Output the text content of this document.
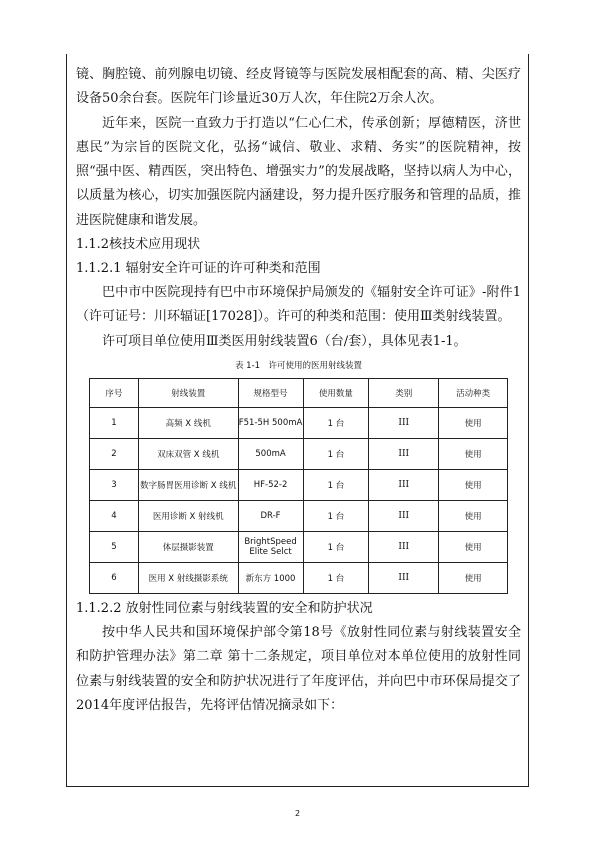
镜、胸腔镜、前列腺电切镜、经皮肾镜等与医院发展相配套的高、精、尖医疗设备50余台套。医院年门诊量近30万人次，年住院2万余人次。

近年来，医院一直致力于打造以“仁心仁术，传承创新；厚德精医，济世惠民”为宗旨的医院文化，弘扬“诚信、敬业、求精、务实”的医院精神，按照“强中医、精西医，突出特色、增强实力”的发展战略，坚持以病人为中心，以质量为核心，切实加强医院内涵建设，努力提升医疗服务和管理的品质，推进医院健康和谐发展。

1.1.2核技术应用现状

1.1.2.1 辐射安全许可证的许可种类和范围

巴中市中医院现持有巴中市环境保护局颁发的《辐射安全许可证》-附件1（许可证号：川环辐证[17028]）。许可的种类和范围：使用Ⅲ类射线装置。

许可项目单位使用Ⅲ类医用射线装置6（台/套），具体见表1-1。

表 1-1　许可使用的医用射线装置
序号	射线装置	规格型号	使用数量	类别	活动种类
1	高频 X 线机	F51-5H 500mA	1 台	III	使用
2	双床双管 X 线机	500mA	1 台	III	使用
3	数字肠胃医用诊断 X 线机	HF-52-2	1 台	III	使用
4	医用诊断 X 射线机	DR-F	1 台	III	使用
5	体层摄影装置	BrightSpeed Elite Selct	1 台	III	使用
6	医用 X 射线摄影系统	新东方 1000	1 台	III	使用

1.1.2.2 放射性同位素与射线装置的安全和防护状况

按中华人民共和国环境保护部令第18号《放射性同位素与射线装置安全和防护管理办法》第二章 第十二条规定，项目单位对本单位使用的放射性同位素与射线装置的安全和防护状况进行了年度评估，并向巴中市环保局提交了2014年度评估报告，先将评估情况摘录如下：

2
